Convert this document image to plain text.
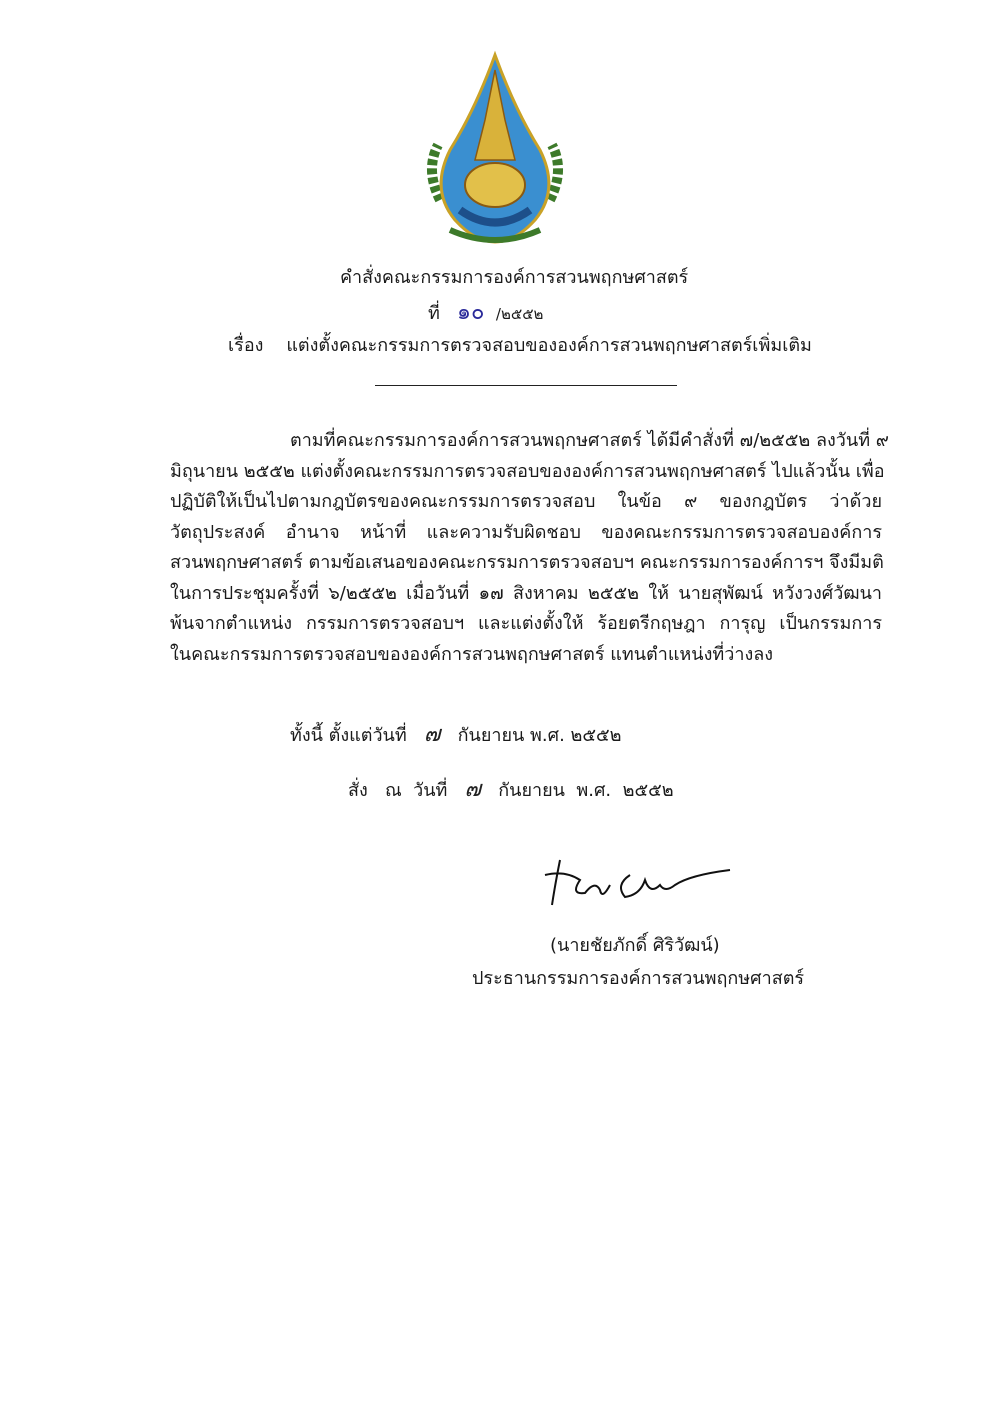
คำสั่งคณะกรรมการองค์การสวนพฤกษศาสตร์
ที่ ๑๐ /๒๕๕๒
เรื่อง แต่งตั้งคณะกรรมการตรวจสอบขององค์การสวนพฤกษศาสตร์เพิ่มเติม
ตามที่คณะกรรมการองค์การสวนพฤกษศาสตร์ ได้มีคำสั่งที่ ๗/๒๕๕๒ ลงวันที่ ๙
มิถุนายน ๒๕๕๒ แต่งตั้งคณะกรรมการตรวจสอบขององค์การสวนพฤกษศาสตร์ ไปแล้วนั้น เพื่อ
ปฏิบัติให้เป็นไปตามกฎบัตรของคณะกรรมการตรวจสอบ ในข้อ ๙ ของกฎบัตร ว่าด้วย
วัตถุประสงค์ อำนาจ หน้าที่ และความรับผิดชอบ ของคณะกรรมการตรวจสอบองค์การ
สวนพฤกษศาสตร์ ตามข้อเสนอของคณะกรรมการตรวจสอบฯ คณะกรรมการองค์การฯ จึงมีมติ
ในการประชุมครั้งที่ ๖/๒๕๕๒ เมื่อวันที่ ๑๗ สิงหาคม ๒๕๕๒ ให้ นายสุพัฒน์ หวังวงศ์วัฒนา
พ้นจากตำแหน่ง กรรมการตรวจสอบฯ และแต่งตั้งให้ ร้อยตรีกฤษฎา การุญ เป็นกรรมการ
ในคณะกรรมการตรวจสอบขององค์การสวนพฤกษศาสตร์ แทนตำแหน่งที่ว่างลง
ทั้งนี้ ตั้งแต่วันที่ ๗ กันยายน พ.ศ. ๒๕๕๒
สั่ง   ณ  วันที่ ๗ กันยายน  พ.ศ.  ๒๕๕๒
(นายชัยภักดิ์ ศิริวัฒน์)
ประธานกรรมการองค์การสวนพฤกษศาสตร์
